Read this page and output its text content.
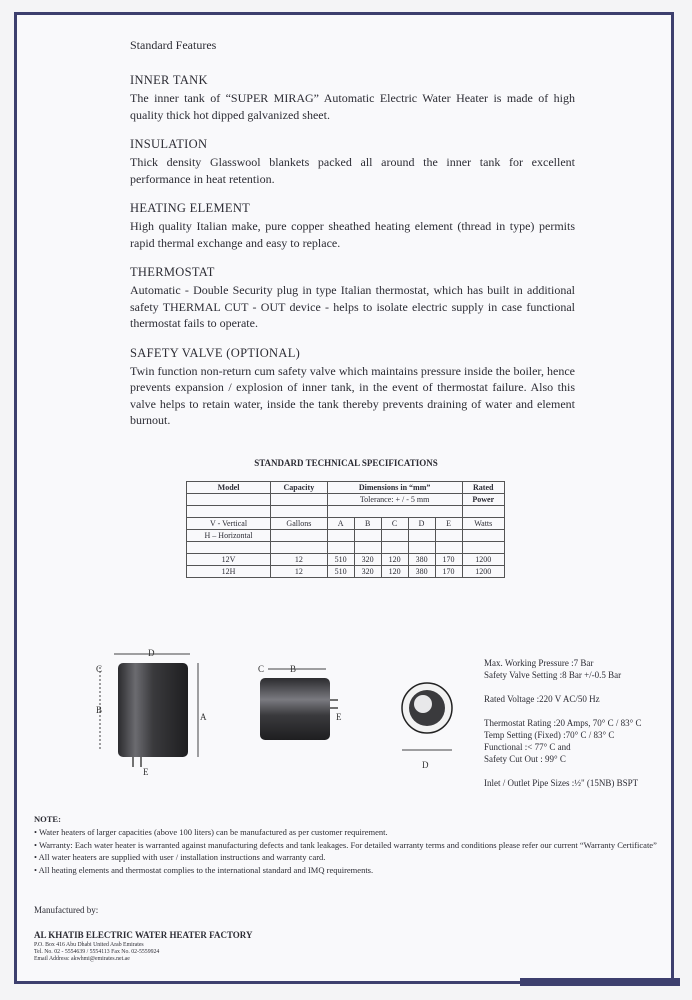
Standard Features
INNER TANK

The inner tank of “SUPER MIRAG” Automatic Electric Water Heater is made of high quality thick hot dipped galvanized sheet.

INSULATION

Thick density Glasswool blankets packed all around the inner tank for excellent performance in heat retention.

HEATING ELEMENT

High quality Italian make, pure copper sheathed heating element (thread in type) permits rapid thermal exchange and easy to replace.

THERMOSTAT

Automatic - Double Security plug in type Italian thermostat, which has built in additional safety THERMAL CUT - OUT device - helps to isolate electric supply in case functional thermostat fails to operate.

SAFETY VALVE (OPTIONAL)

Twin function non-return cum safety valve which maintains pressure inside the boiler, hence prevents expansion / explosion of inner tank, in the event of thermostat failure. Also this valve helps to retain water, inside the tank thereby prevents draining of water and element burnout.

STANDARD TECHNICAL SPECIFICATIONS
Model	Capacity	Dimensions in “mm”					Rated
		Tolerance: + / - 5 mm					Power

V - Vertical	Gallons	A	B	C	D	E	Watts
H – Horizontal							

12V	12	510	320	120	380	170	1200
12H	12	510	320	120	380	170	1200
D
C
B
A
E
C	B
E
D
Max. Working Pressure :7 Bar
Safety Valve Setting :8 Bar +/-0.5 Bar

Rated Voltage :220 V AC/50 Hz

Thermostat Rating :20 Amps, 70° C / 83° C
Temp Setting (Fixed) :70° C / 83° C
Functional :< 77° C and
Safety Cut Out : 99° C

Inlet / Outlet Pipe Sizes :½" (15NB) BSPT
NOTE:
• Water heaters of larger capacities (above 100 liters) can be manufactured as per customer requirement.
• Warranty: Each water heater is warranted against manufacturing defects and tank leakages. For detailed warranty terms and conditions please refer our current “Warranty Certificate”
• All water heaters are supplied with user / installation instructions and warranty card.
• All heating elements and thermostat complies to the international standard and IMQ requirements.
Manufactured by:
AL KHATIB ELECTRIC WATER HEATER FACTORY
P.O. Box 416 Abu Dhabi United Arab Emirates
Tel. No. 02 - 5554639 / 5554113 Fax No. 02-5559924
Email Address: akwhmi@emirates.net.ae
